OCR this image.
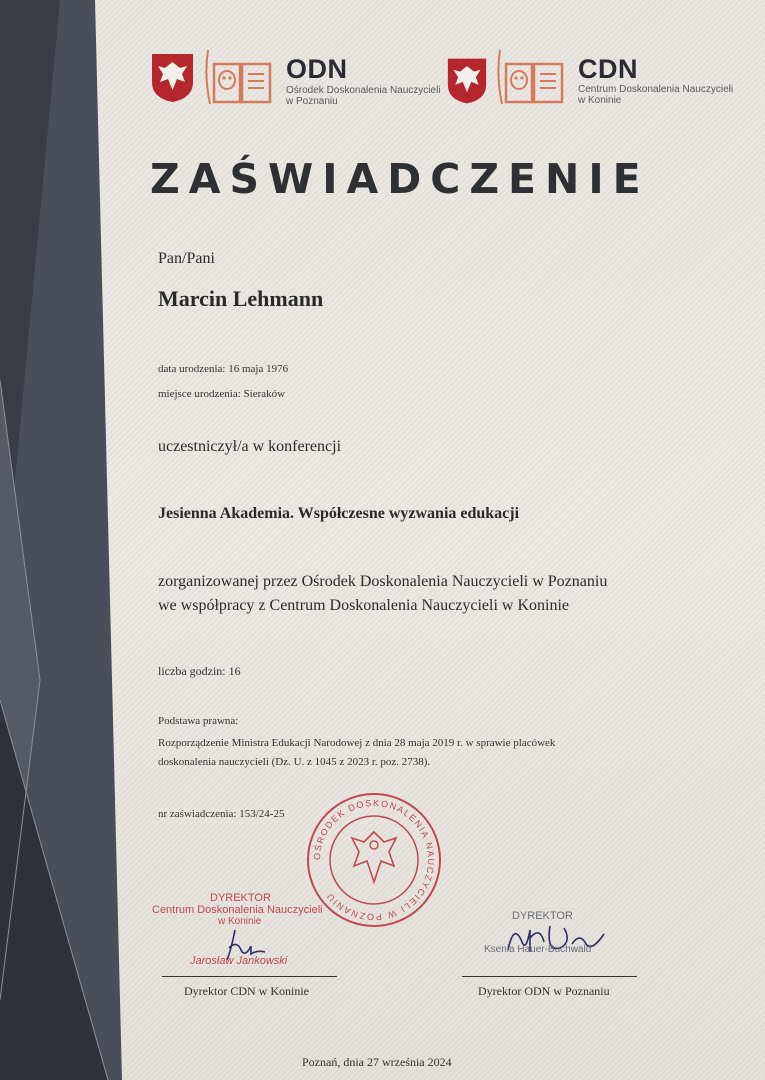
ODN
Ośrodek Doskonalenia Nauczycieli
w Poznaniu
CDN
Centrum Doskonalenia Nauczycieli
w Koninie
ZAŚWIADCZENIE
Pan/Pani
Marcin Lehmann
data urodzenia: 16 maja 1976
miejsce urodzenia: Sieraków
uczestniczył/a w konferencji
Jesienna Akademia. Współczesne wyzwania edukacji
zorganizowanej przez Ośrodek Doskonalenia Nauczycieli w Poznaniu
we współpracy z Centrum Doskonalenia Nauczycieli w Koninie
liczba godzin: 16
Podstawa prawna:
Rozporządzenie Ministra Edukacji Narodowej z dnia 28 maja 2019 r. w sprawie placówek
doskonalenia nauczycieli (Dz. U. z 1045 z 2023 r. poz. 2738).
nr zaświadczenia: 153/24-25
OŚRODEK DOSKONALENIA NAUCZYCIELI W POZNANIU
DYREKTOR
Centrum Doskonalenia Nauczycieli
w Koninie
Jarosław Jankowski
Dyrektor CDN w Koninie
DYREKTOR
Ksenia Hauer-Buchwald
Dyrektor ODN w Poznaniu
Poznań, dnia 27 września 2024
